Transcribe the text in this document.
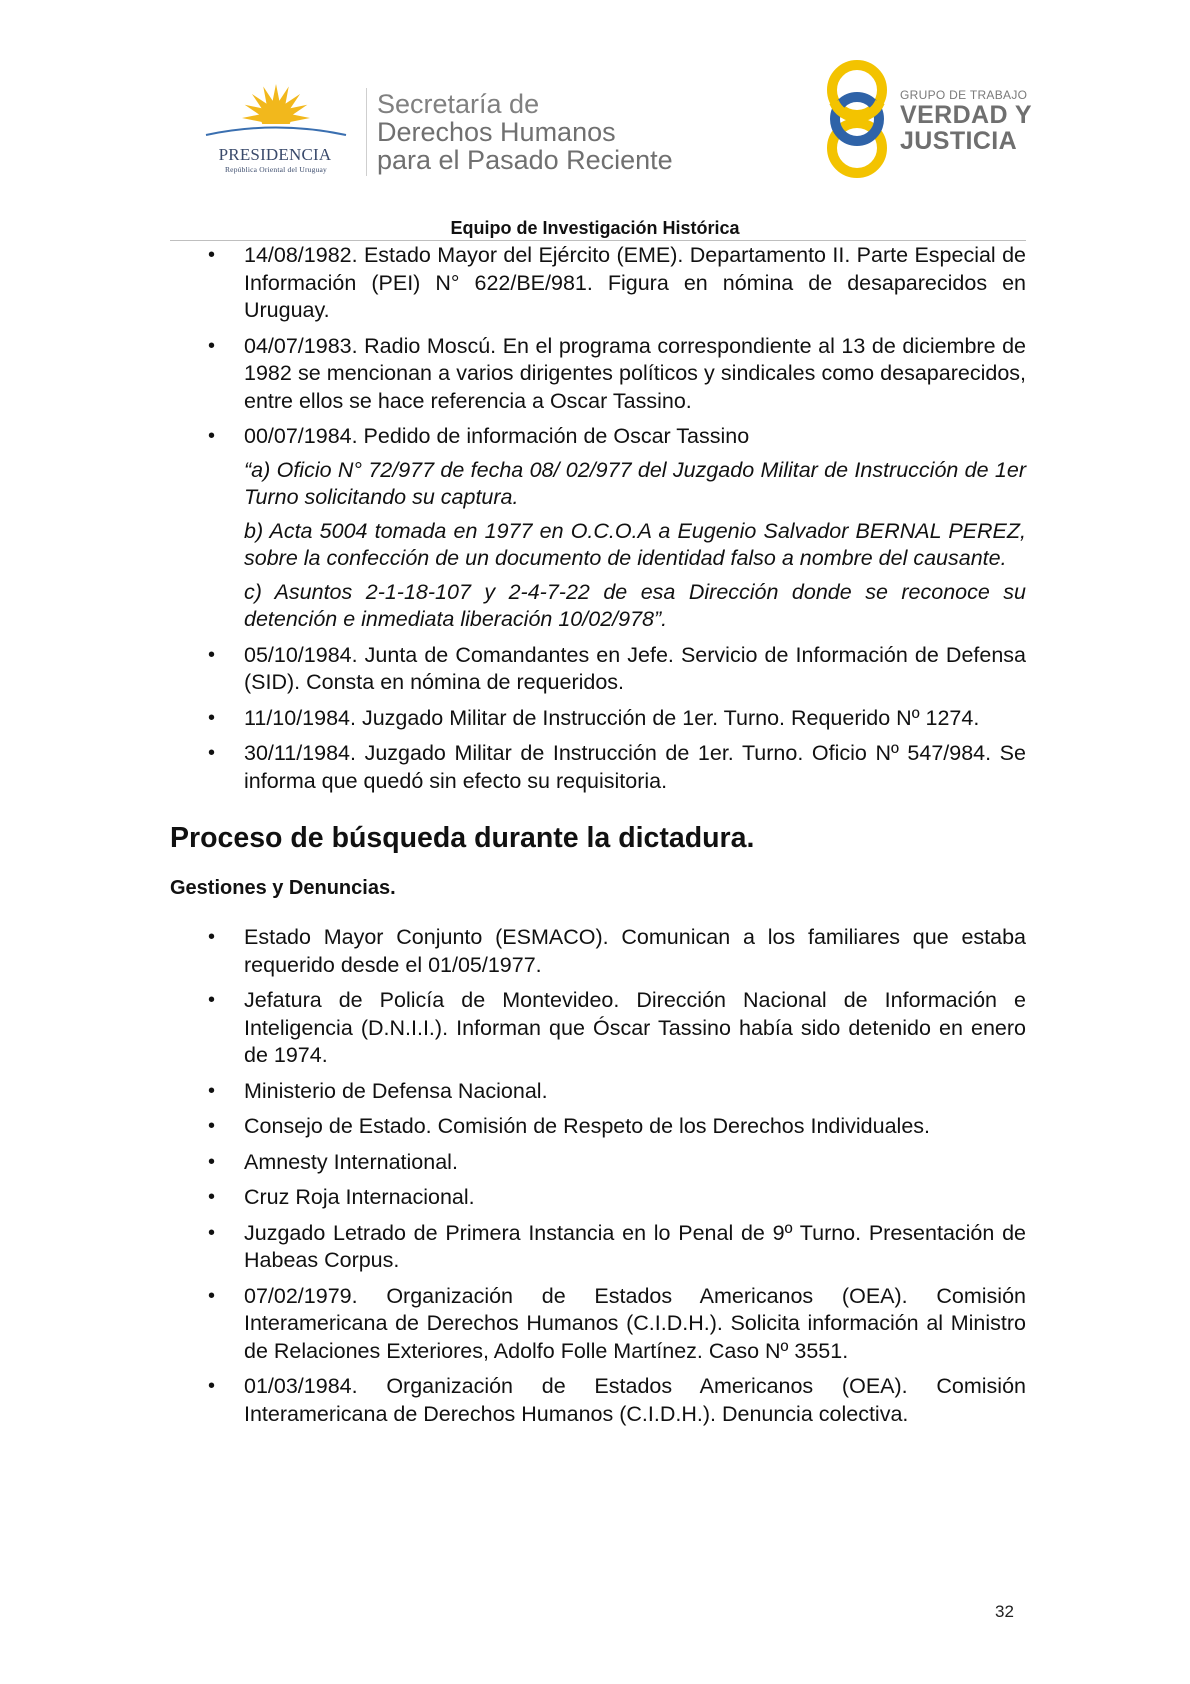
PRESIDENCIA
República Oriental del Uruguay
Secretaría de
Derechos Humanos
para el Pasado Reciente
GRUPO DE TRABAJO
VERDAD Y
JUSTICIA
Equipo de Investigación Histórica
• 14/08/1982. Estado Mayor del Ejército (EME). Departamento II. Parte Especial de Información (PEI) N° 622/BE/981. Figura en nómina de desaparecidos en Uruguay.
• 04/07/1983. Radio Moscú. En el programa correspondiente al 13 de diciembre de 1982 se mencionan a varios dirigentes políticos y sindicales como desaparecidos, entre ellos se hace referencia a Oscar Tassino.
• 00/07/1984. Pedido de información de Oscar Tassino
“a) Oficio N° 72/977 de fecha 08/ 02/977 del Juzgado Militar de Instrucción de 1er Turno solicitando su captura.
b) Acta 5004 tomada en 1977 en O.C.O.A a Eugenio Salvador BERNAL PEREZ, sobre la confección de un documento de identidad falso a nombre del causante.
c) Asuntos 2-1-18-107 y 2-4-7-22 de esa Dirección donde se reconoce su detención e inmediata liberación 10/02/978”.
• 05/10/1984. Junta de Comandantes en Jefe. Servicio de Información de Defensa (SID). Consta en nómina de requeridos.
• 11/10/1984. Juzgado Militar de Instrucción de 1er. Turno. Requerido Nº 1274.
• 30/11/1984. Juzgado Militar de Instrucción de 1er. Turno. Oficio Nº 547/984. Se informa que quedó sin efecto su requisitoria.
Proceso de búsqueda durante la dictadura.
Gestiones y Denuncias.
• Estado Mayor Conjunto (ESMACO). Comunican a los familiares que estaba requerido desde el 01/05/1977.
• Jefatura de Policía de Montevideo. Dirección Nacional de Información e Inteligencia (D.N.I.I.). Informan que Óscar Tassino había sido detenido en enero de 1974.
• Ministerio de Defensa Nacional.
• Consejo de Estado. Comisión de Respeto de los Derechos Individuales.
• Amnesty International.
• Cruz Roja Internacional.
• Juzgado Letrado de Primera Instancia en lo Penal de 9º Turno. Presentación de Habeas Corpus.
• 07/02/1979. Organización de Estados Americanos (OEA). Comisión Interamericana de Derechos Humanos (C.I.D.H.). Solicita información al Ministro de Relaciones Exteriores, Adolfo Folle Martínez. Caso Nº 3551.
• 01/03/1984. Organización de Estados Americanos (OEA). Comisión Interamericana de Derechos Humanos (C.I.D.H.). Denuncia colectiva.
32
